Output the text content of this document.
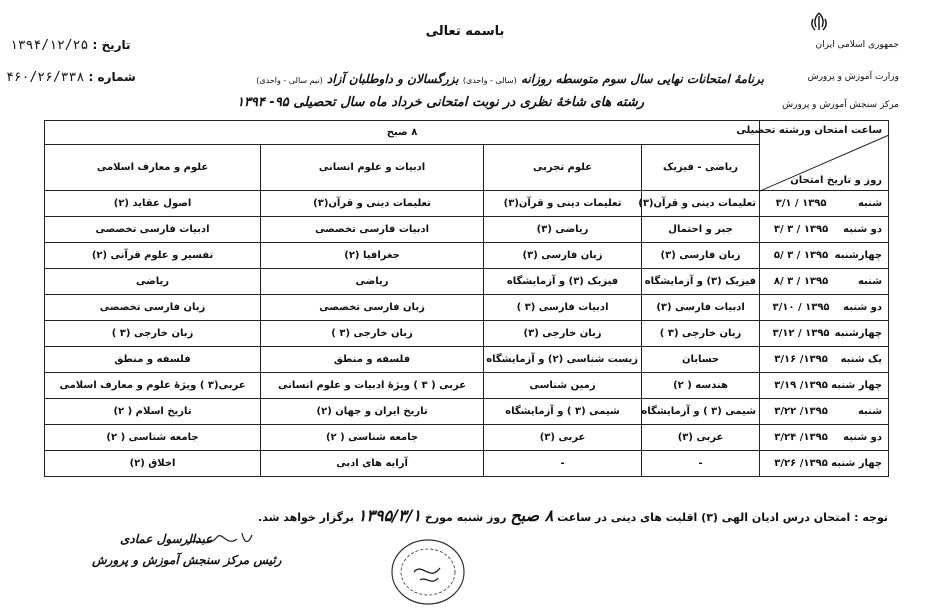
باسمه تعالی
جمهوری اسلامی ایران
وزارت آموزش و پرورش
مرکز سنجش آموزش و پرورش
تاریخ : ۱۳۹۴/۱۲/۲۵
شماره : ۴۶۰/۲۶/۳۳۸	برنامهٔ امتحانات نهایی سال سوم متوسطه روزانه (سالی - واحدی) بزرگسالان و داوطلبان آزاد (نیم سالی - واحدی)
رشته های شاخهٔ نظری در نوبت امتحانی خرداد ماه سال تحصیلی ۹۵- ۱۳۹۴
ساعت امتحان ورشته تحصیلی
روز و تاریخ امتحان	۸ صبح			
	ریاضی - فیزیک	علوم تجربی	ادبیات و علوم انسانی	علوم و معارف اسلامی
شنبه۱۳۹۵ / ۳/۱	تعلیمات دینی و قرآن(۳)	تعلیمات دینی و قرآن(۳)	تعلیمات دینی و قرآن(۳)	اصول عقاید (۲)
دو شنبه۱۳۹۵ / ۳ /۳	جبر و احتمال	ریاضی (۳)	ادبیات فارسی تخصصی	ادبیات فارسی تخصصی
چهارشنبه۱۳۹۵ / ۳ /۵	زبان فارسی (۳)	زبان فارسی (۳)	جغرافیا (۲)	تفسیر و علوم قرآنی (۲)
شنبه۱۳۹۵ / ۳ /۸	فیزیک (۳) و آزمایشگاه	فیزیک (۳) و آزمایشگاه	ریاضی	ریاضی
دو شنبه۱۳۹۵ / ۳/۱۰	ادبیات فارسی (۳)	ادبیات فارسی (۳ )	زبان فارسی تخصصی	زبان فارسی تخصصی
چهارشنبه۱۳۹۵ / ۳/۱۲	زبان خارجی (۳ )	زبان خارجی (۳)	زبان خارجی (۳ )	زبان خارجی (۳ )
یک شنبه۱۳۹۵/ ۳/۱۶	حسابان	زیست شناسی (۲) و آزمایشگاه	فلسفه و منطق	فلسفه و منطق
چهار شنبه۱۳۹۵/ ۳/۱۹	هندسه ( ۲)	زمین شناسی	عربی ( ۳ ) ویژهٔ ادبیات و علوم انسانی	عربی(۳ ) ویژهٔ علوم و معارف اسلامی
شنبه۱۳۹۵/ ۳/۲۲	شیمی (۳ ) و آزمایشگاه	شیمی (۳ ) و آزمایشگاه	تاریخ ایران و جهان (۲)	تاریخ اسلام ( ۲)
دو شنبه۱۳۹۵/ ۳/۲۴	عربی (۳)	عربی (۳)	جامعه شناسی ( ۲)	جامعه شناسی ( ۲)
چهار شنبه۱۳۹۵/ ۳/۲۶	-	-	آرایه های ادبی	اخلاق (۲)
توجه : امتحان درس ادیان الهی (۳) اقلیت های دینی در ساعت ۸ صبح روز شنبه مورخ ۱۳۹۵/۳/۱ برگزار خواهد شد.
عبدالرسول عمادی
رئیس مرکز سنجش آموزش و پرورش
